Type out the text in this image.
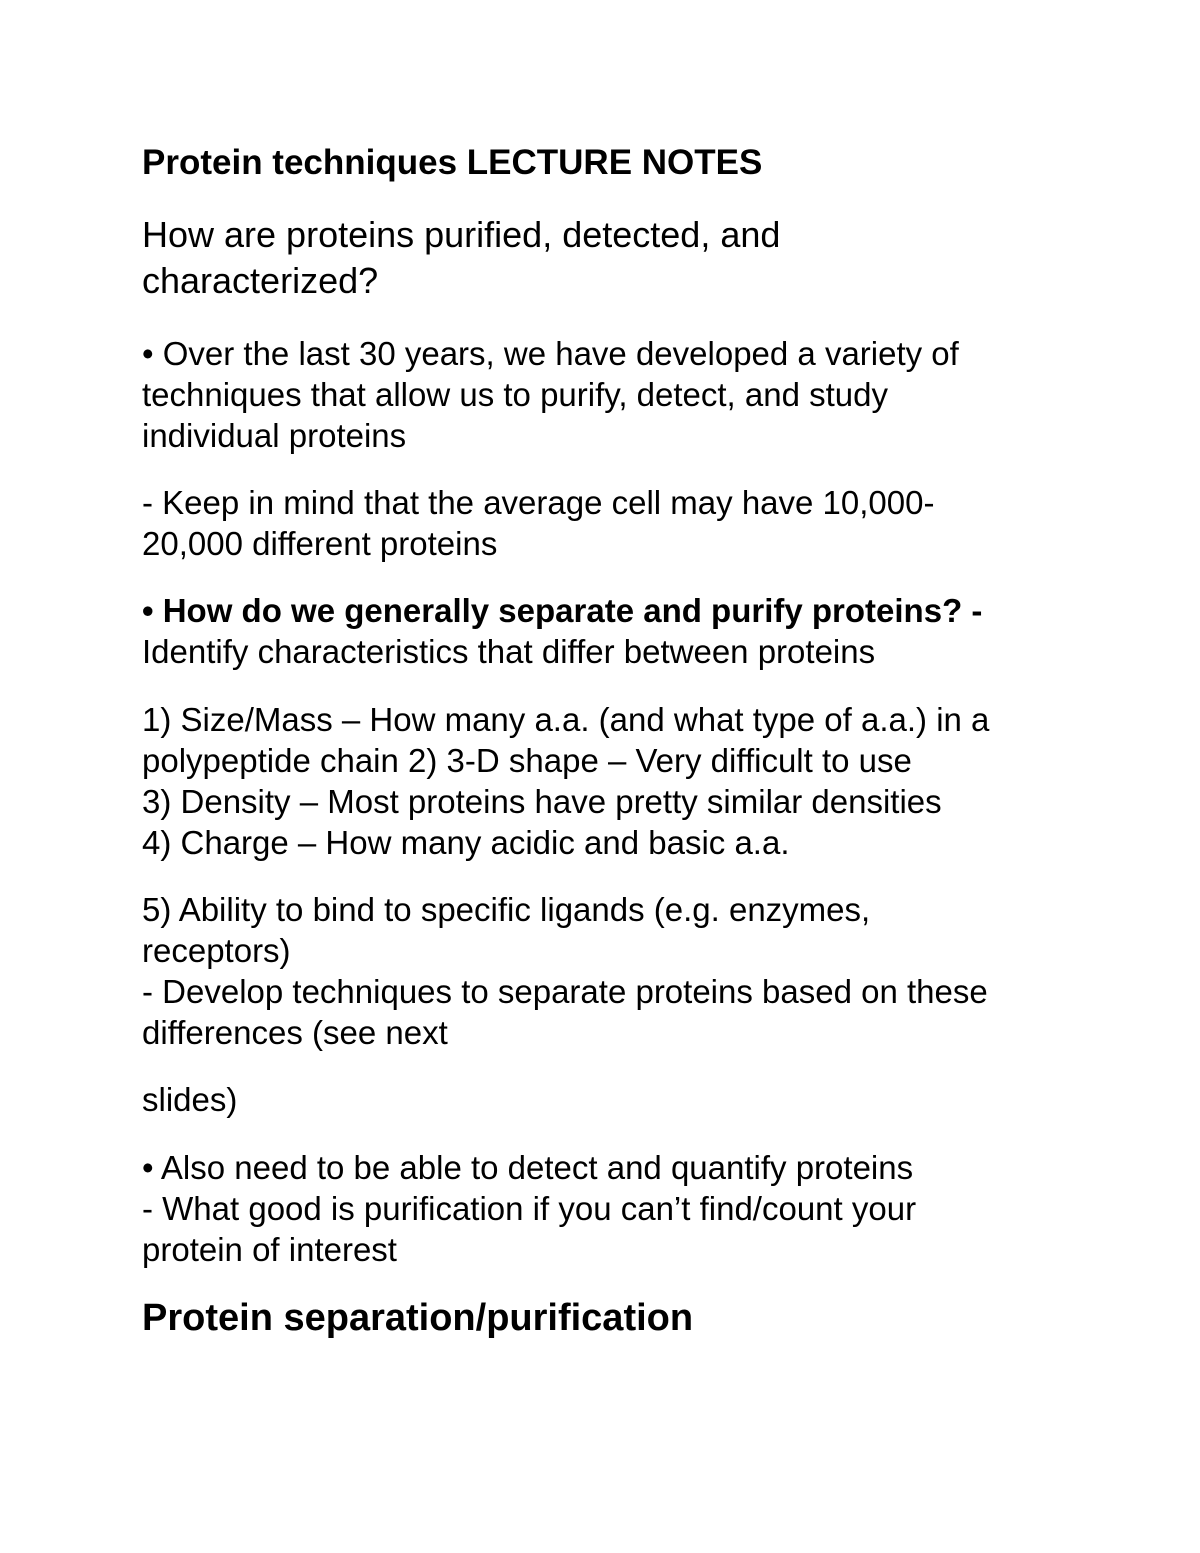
Protein techniques LECTURE NOTES

How are proteins purified, detected, and

characterized?

• Over the last 30 years, we have developed a variety of

techniques that allow us to purify, detect, and study

individual proteins

- Keep in mind that the average cell may have 10,000-

20,000 different proteins

• How do we generally separate and purify proteins? -

Identify characteristics that differ between proteins

1) Size/Mass – How many a.a. (and what type of a.a.) in a

polypeptide chain 2) 3-D shape – Very difficult to use

3) Density – Most proteins have pretty similar densities

4) Charge – How many acidic and basic a.a.

5) Ability to bind to specific ligands (e.g. enzymes,

receptors)

- Develop techniques to separate proteins based on these

differences (see next

slides)

• Also need to be able to detect and quantify proteins

- What good is purification if you can’t find/count your

protein of interest

Protein separation/purification
